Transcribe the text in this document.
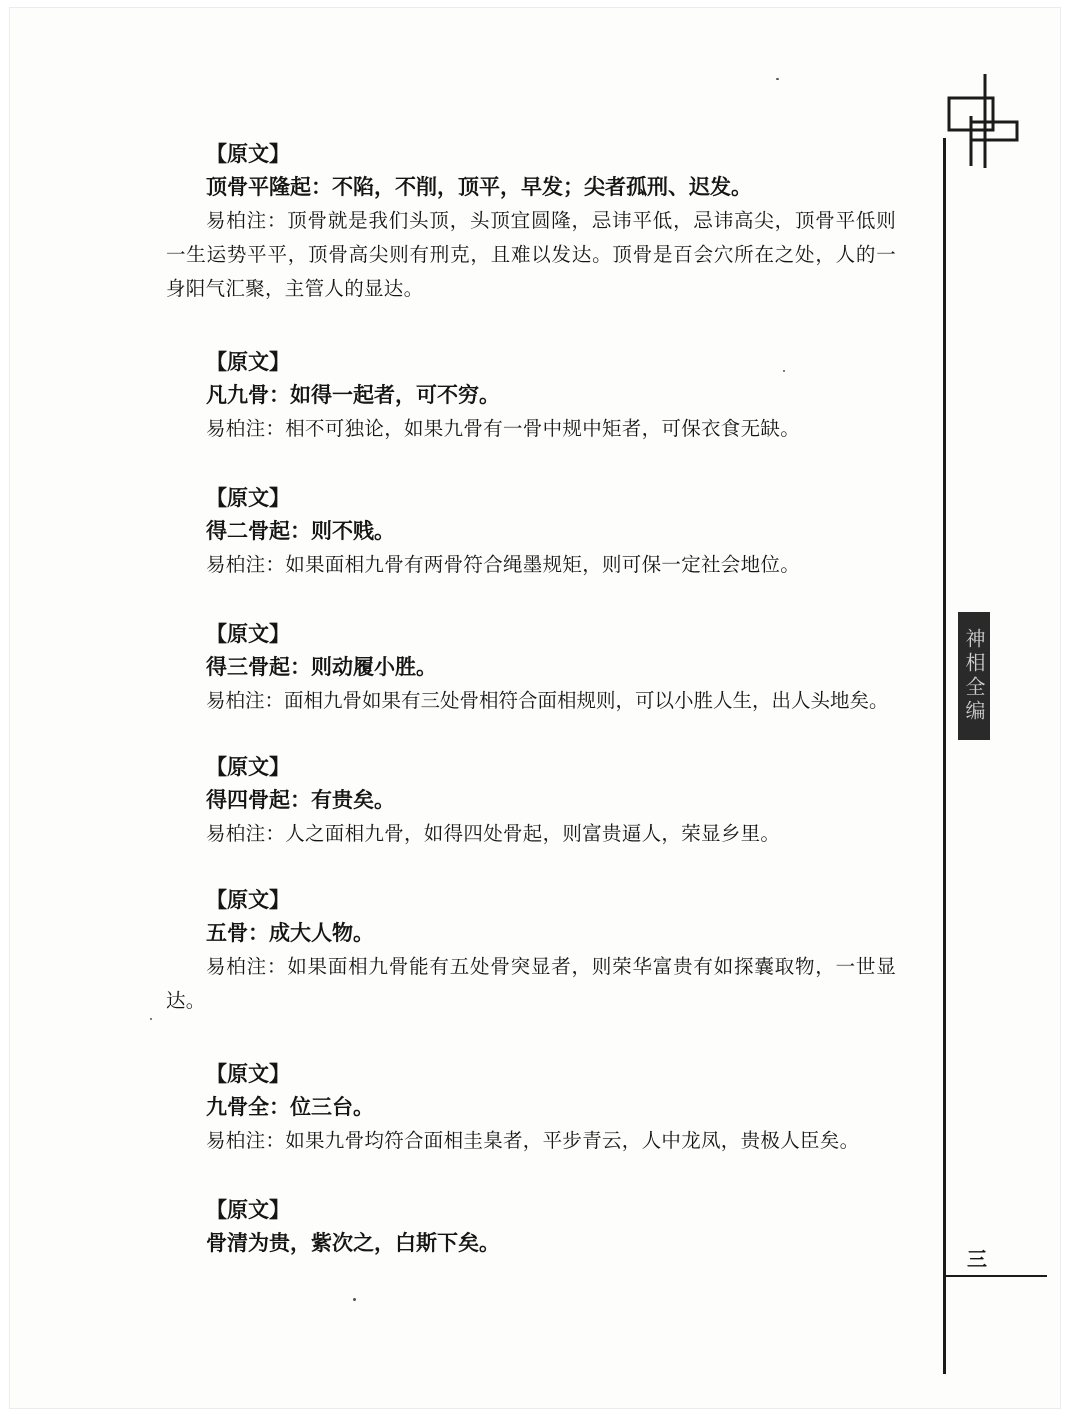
【原文】
顶骨平隆起：不陷，不削，顶平，早发；尖者孤刑、迟发。
易柏注：顶骨就是我们头顶，头顶宜圆隆，忌讳平低，忌讳高尖，顶骨平低则一生运势平平，顶骨高尖则有刑克，且难以发达。顶骨是百会穴所在之处，人的一身阳气汇聚，主管人的显达。
【原文】
凡九骨：如得一起者，可不穷。
易柏注：相不可独论，如果九骨有一骨中规中矩者，可保衣食无缺。
【原文】
得二骨起：则不贱。
易柏注：如果面相九骨有两骨符合绳墨规矩，则可保一定社会地位。
【原文】
得三骨起：则动履小胜。
易柏注：面相九骨如果有三处骨相符合面相规则，可以小胜人生，出人头地矣。
【原文】
得四骨起：有贵矣。
易柏注：人之面相九骨，如得四处骨起，则富贵逼人，荣显乡里。
【原文】
五骨：成大人物。
易柏注：如果面相九骨能有五处骨突显者，则荣华富贵有如探囊取物，一世显达。
【原文】
九骨全：位三台。
易柏注：如果九骨均符合面相圭臬者，平步青云，人中龙凤，贵极人臣矣。
【原文】
骨清为贵，紫次之，白斯下矣。
神相全编
三
